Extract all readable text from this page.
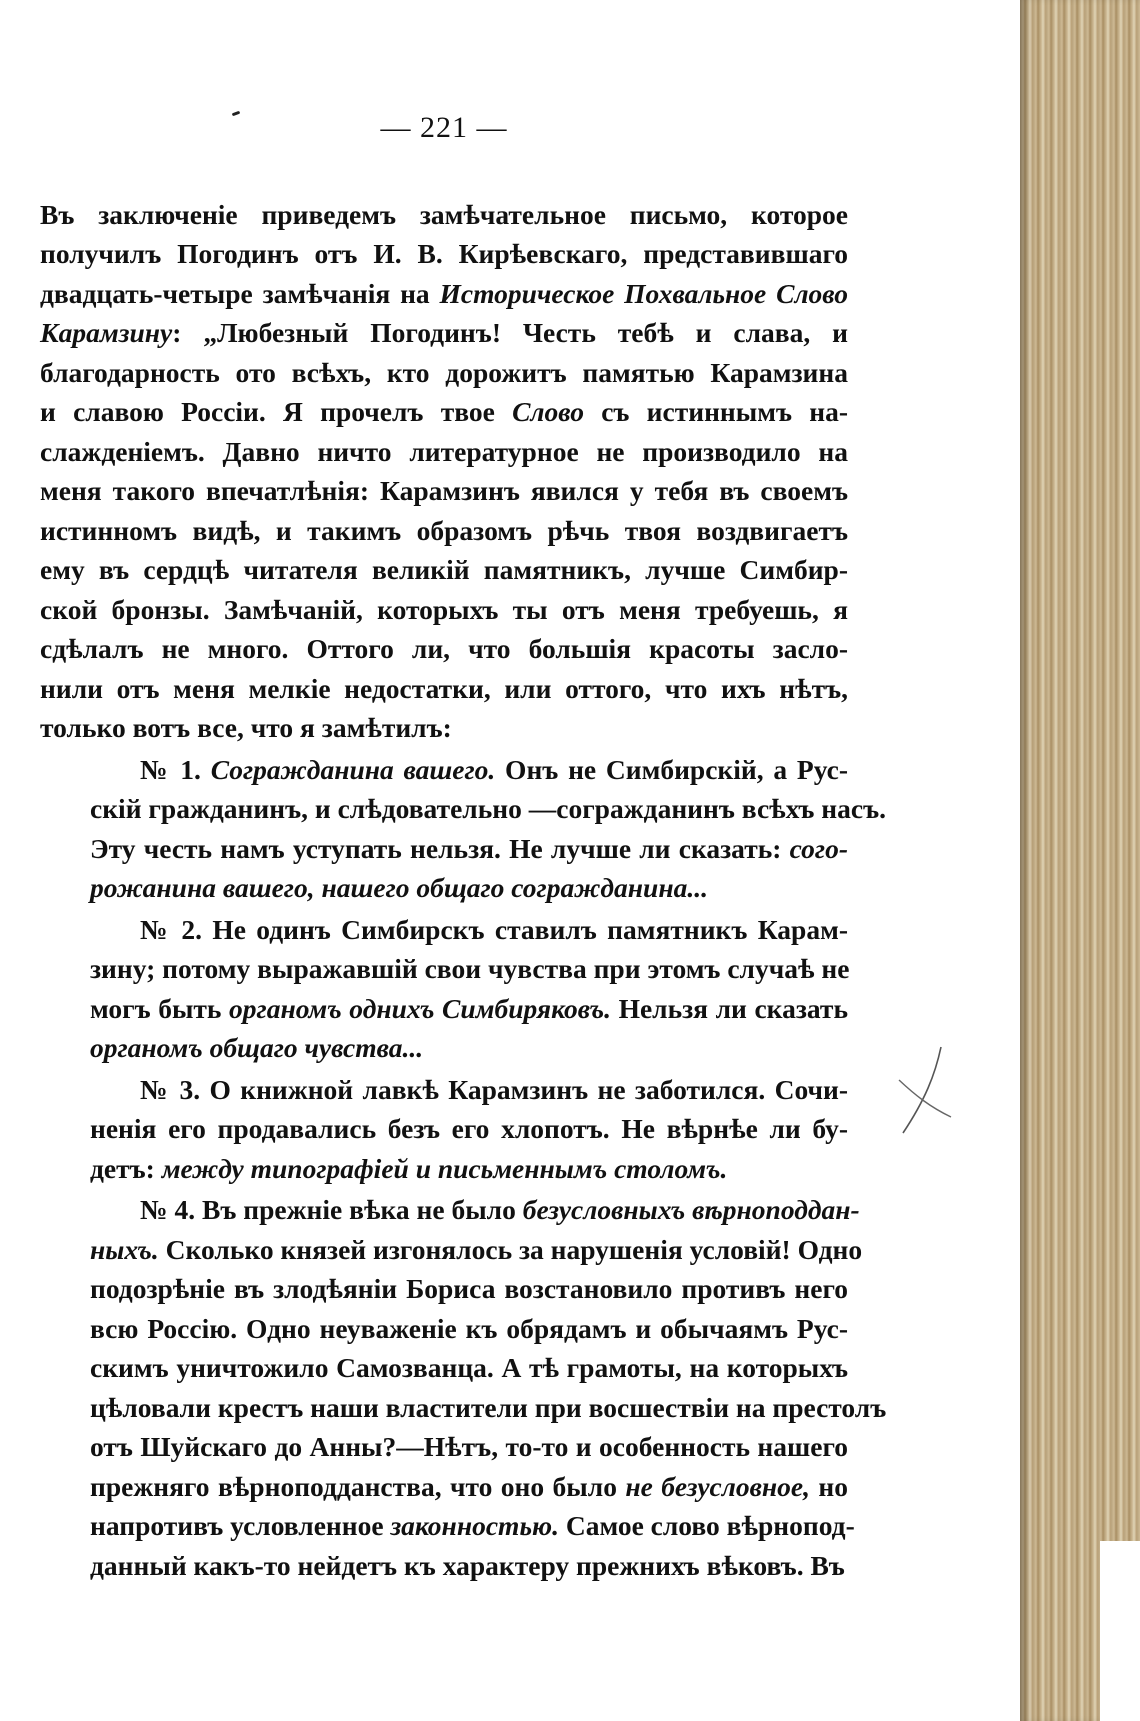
— 221 —
Въ заключеніе приведемъ замѣчательное письмо, которое
получилъ Погодинъ отъ И. В. Кирѣевскаго, представившаго
двадцать-четыре замѣчанія на Историческое Похвальное Слово
Карамзину: „Любезный Погодинъ! Честь тебѣ и слава, и
благодарность ото всѣхъ, кто дорожитъ памятью Карамзина
и славою Россіи. Я прочелъ твое Слово съ истиннымъ на-
слажденіемъ. Давно ничто литературное не производило на
меня такого впечатлѣнія: Карамзинъ явился у тебя въ своемъ
истинномъ видѣ, и такимъ образомъ рѣчь твоя воздвигаетъ
ему въ сердцѣ читателя великій памятникъ, лучше Симбир-
ской бронзы. Замѣчаній, которыхъ ты отъ меня требуешь, я
сдѣлалъ не много. Оттого ли, что большія красоты засло-
нили отъ меня мелкіе недостатки, или оттого, что ихъ нѣтъ,
только вотъ все, что я замѣтилъ:
№ 1. Согражданина вашего. Онъ не Симбирскій, а Рус-
скій гражданинъ, и слѣдовательно —согражданинъ всѣхъ насъ.
Эту честь намъ уступать нельзя. Не лучше ли сказать: сого-
рожанина вашего, нашего общаго согражданина...
№ 2. Не одинъ Симбирскъ ставилъ памятникъ Карам-
зину; потому выражавшій свои чувства при этомъ случаѣ не
могъ быть органомъ однихъ Симбиряковъ. Нельзя ли сказать
органомъ общаго чувства...
№ 3. О книжной лавкѣ Карамзинъ не заботился. Сочи-
ненія его продавались безъ его хлопотъ. Не вѣрнѣе ли бу-
детъ: между типографіей и письменнымъ столомъ.
№ 4. Въ прежніе вѣка не было безусловныхъ вѣрноподдан-
ныхъ. Сколько князей изгонялось за нарушенія условій! Одно
подозрѣніе въ злодѣяніи Бориса возстановило противъ него
всю Россію. Одно неуваженіе къ обрядамъ и обычаямъ Рус-
скимъ уничтожило Самозванца. А тѣ грамоты, на которыхъ
цѣловали крестъ наши властители при восшествіи на престолъ
отъ Шуйскаго до Анны?—Нѣтъ, то-то и особенность нашего
прежняго вѣрноподданства, что оно было не безусловное, но
напротивъ условленное законностью. Самое слово вѣрнопод-
данный какъ-то нейдетъ къ характеру прежнихъ вѣковъ. Въ
